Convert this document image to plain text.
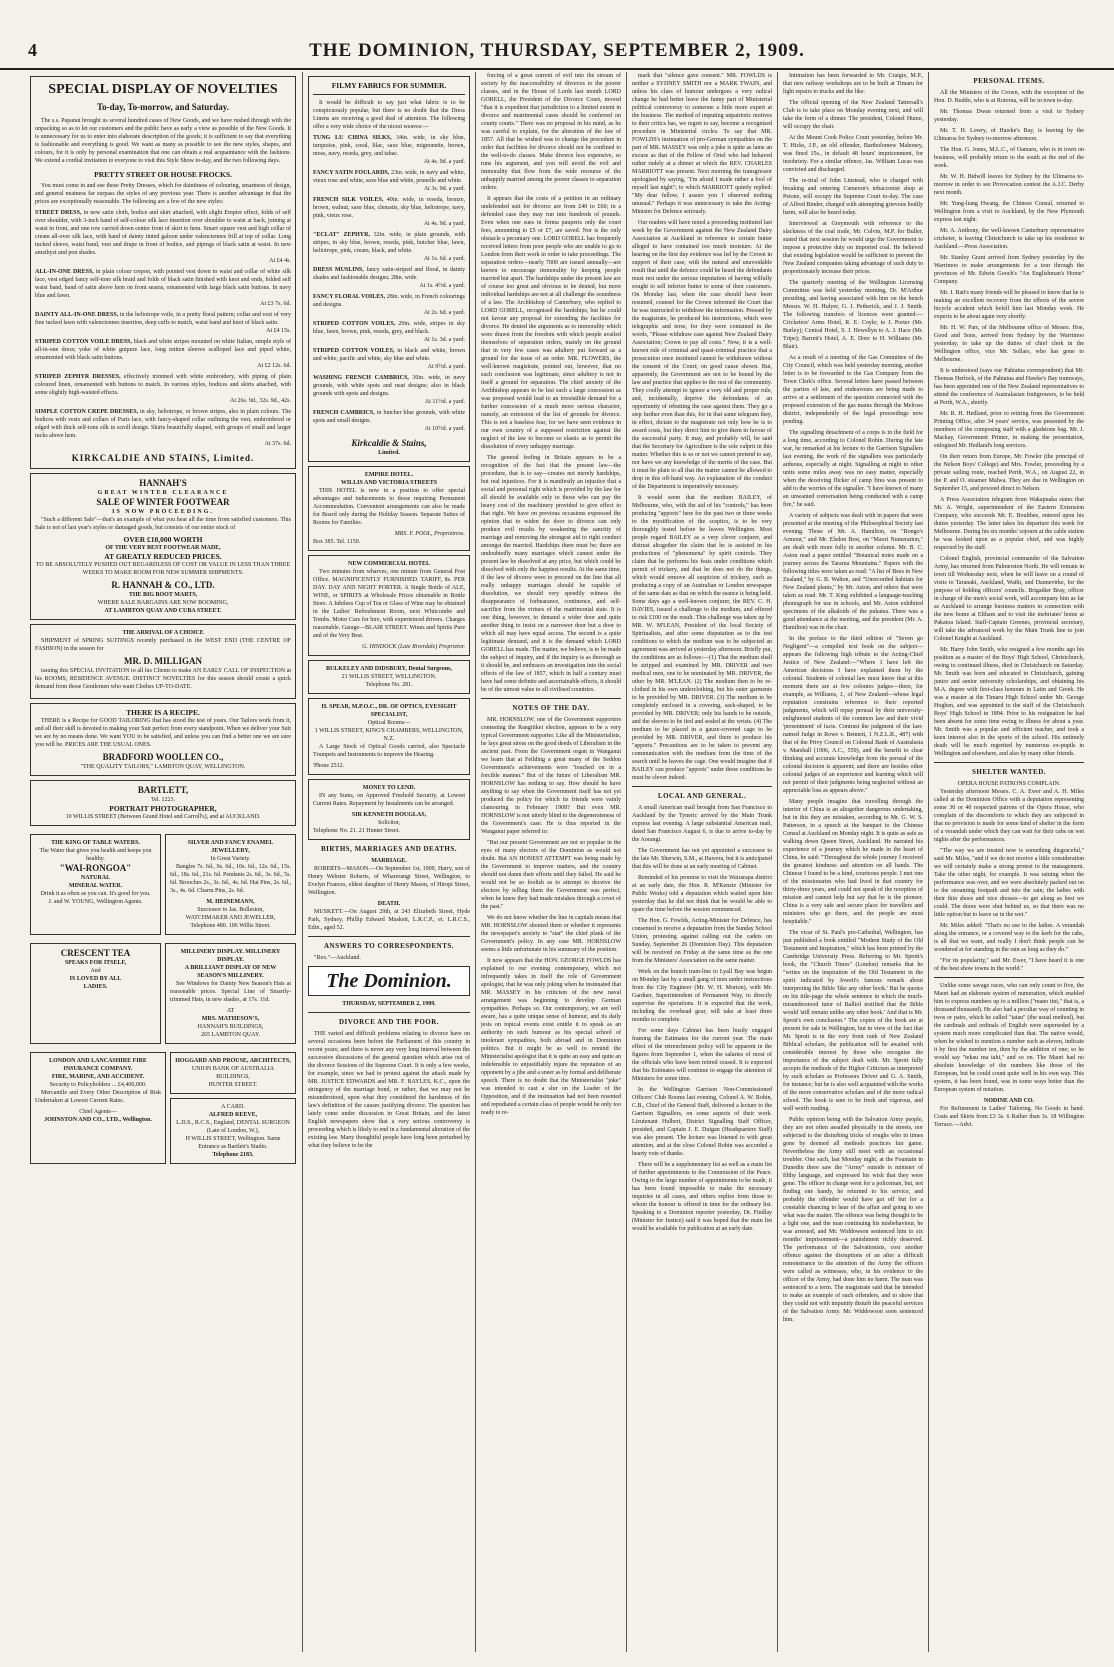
4	THE DOMINION, THURSDAY, SEPTEMBER 2, 1909.
SPECIAL DISPLAY OF NOVELTIES
To-day, To-morrow, and Saturday.

The s.s. Papanui brought us several hundred cases of New Goods, and we have rushed through with the unpacking so as to let our customers and the public have as early a view as possible of the New Goods. It is unnecessary for us to enter into elaborate description of the goods; it is sufficient to say that everything is fashionable and everything is good. We want as many as possible to see the new styles, shapes, and colours, for it is only by personal examination that one can obtain a real acquaintance with the fashions. We extend a cordial invitation to everyone to visit this Style Show to-day, and the two following days.

PRETTY STREET OR HOUSE FROCKS.

You must come in and see these Pretty Dresses, which for daintiness of colouring, smartness of design, and general neatness far surpass the styles of any previous year. There is another advantage in that the prices are exceptionally reasonable. The following are a few of the new styles:

STREET DRESS, in new satin cloth, bodice and skirt attached, with slight Empire effect, folds of self over shoulder, with 3-inch band of self-colour silk lace insertion over shoulder to waist at back, joining at waist in front, and one row carried down centre front of skirt to hem. Smart square vest and high collar of cream all-over silk lace, with band of dainty tinted galoon under valenciennes frill at top of collar. Long tucked sleeve, waist band, vest and drape in front of bodice, and pipings of black satin at waist. In new amethyst and pon shades.
At £4 4s.
ALL-IN-ONE DRESS, in plain colour crepon, with pointed vest down to waist and collar of white silk lace, vest edged fancy self-tone silk braid and folds of black satin finished with knot and ends, folded self waist band, band of satin above hem on front seams, ornamented with large black satin buttons. In navy blue and fawn.
At £3 7s. 6d.
DAINTY ALL-IN-ONE DRESS, in the heliotrope voile, in a pretty floral pattern; collar and vest of very fine tucked lawn with valenciennes insertion, deep cuffs to match, waist band and knot of black satin.
At £4 15s.
STRIPED COTTON VOILE DRESS, black and white stripes mounted on white Italian, simple style of all-in-one dress; yoke of white guipure lace, long mitten sleeves scalloped lace and piped white, ornamented with black satin buttons.
At £2 12s. 6d.
STRIPED ZEPHYR DRESSES, effectively trimmed with white embroidery, with piping of plain coloured linen, ornamented with buttons to match. In various styles, bodices and skirts attached, with some slightly high-waisted effects.
At 26s. 9d., 32s. 9d., 42s.
SIMPLE COTTON CREPE DRESSES, in sky, heliotrope, or brown stripes, also in plain colours. The bodices with vests and collars of Paris lace, with fancy-shaped collar outlining the vest, embroidered or edged with thick self-tone silk in scroll design. Skirts beautifully shaped, with groups of small and larger tucks above hem.
At 37s. 6d.
KIRKCALDIE AND STAINS, Limited.
HANNAH'S
GREAT WINTER CLEARANCE
SALE OF WINTER FOOTWEAR
IS NOW PROCEEDING.

"Such a different Sale"—that's an example of what you hear all the time from satisfied customers. This Sale is not of last year's styles or damaged goods, but consists of our entire stock of

OVER £10,000 WORTH
OF THE VERY BEST FOOTWEAR MADE,
AT GREATLY REDUCED PRICES.
TO BE ABSOLUTELY PUSHED OUT REGARDLESS OF COST OR VALUE IN LESS THAN THREE WEEKS TO MAKE ROOM FOR NEW SUMMER SHIPMENTS.
R. HANNAH & CO., LTD.
THE BIG BOOT MARTS,
WHERE SALE BARGAINS ARE NOW BOOMING,
AT LAMBTON QUAY AND CUBA STREET.
THE ARRIVAL OF A CHOICE

SHIPMENT of SPRING SUITINGS recently purchased in the WEST END (THE CENTRE OF FASHION) in the season for

MR. D. MILLIGAN

issuing this SPECIAL INVITATION to all his Clients to make AN EARLY CALL OF INSPECTION at his ROOMS, RESIDENCE AVENUE. DISTINCT NOVELTIES for this season should create a quick demand from those Gentlemen who want Clothes UP-TO-DATE.

THERE IS A RECIPE.

THERE is a Recipe for GOOD TAILORING that has stood the test of years. Our Tailors work from it, and all their skill is devoted to making your Suit perfect from every standpoint. When we deliver your Suit we are by no means done. We want YOU to be satisfied, and unless you can find a better one we are sure you will be. PRICES ARE THE USUAL ONES.

BRADFORD WOOLLEN CO.,
"THE QUALITY TAILORS," LAMBTON QUAY, WELLINGTON.
BARTLETT,
Tel. 1223.
PORTRAIT PHOTOGRAPHER,
10 WILLIS STREET (Between Grand Hotel and Carroll's), and at AUCKLAND.
THE KING OF TABLE WATERS.
The Water that gives you health and keeps you healthy.
"WAI-RONGOA"
NATURAL
MINERAL WATER.
Drink it as often as you can. It's good for you.
J. and W. YOUNG, Wellington Agents.
SILVER AND FANCY ENAMEL JEWELLERY,
In Great Variety.

Bangles 7s. 6d., 9s. 6d., 10s. 6d., 12s. 6d., 15s. 6d., 18s. 6d., 21s. 6d. Pendants 2s. 6d., 3s. 6d., 5s. 6d. Brooches 2s., 3s. 6d., 4s. 6d. Hat Pins, 2s. 6d., 3s., 4s. 6d. Charm Pins, 2s. 6d.

M. HEINEMANN,
Successor to Jas. Bolleston,
WATCHMAKER AND JEWELLER,
Telephone 480. 106 Willis Street.
CRESCENT TEA
SPEAKS FOR ITSELF,
And
IS LOVED BY ALL
LADIES.
MILLINERY DISPLAY. MILLINERY DISPLAY.
A BRILLIANT DISPLAY OF NEW SEASON'S MILLINERY.

See Windows for Dainty New Season's Hats at reasonable prices. Special Line of Smartly-trimmed Hats, in new shades, at 17s. 11d.

AT
MRS. MATHESON'S,
HANNAH'S BUILDINGS,
265 LAMBTON QUAY.
LONDON AND LANCASHIRE FIRE INSURANCE COMPANY.
FIRE, MARINE, AND ACCIDENT.
Security to Policyholders ... £4,400,000.

Mercantile and Every Other Description of Risk Undertaken at Lowest Current Rates.

Chief Agents—
JOHNSTON AND CO., LTD., Wellington.
HOGGARD AND PROUSE, ARCHITECTS,
UNION BANK OF AUSTRALIA BUILDINGS,
HUNTER STREET.
A CARD.
ALFRED REEVE,
L.D.S., R.C.S., England, DENTAL SURGEON (Late of London, W.),
H WILLIS STREET, Wellington. Same Entrance as Bartlett's Studio.
Telephone 2183.
FILMY FABRICS FOR SUMMER.

It would be difficult to say just what fabric is to be conspicuously popular, but there is no doubt that the Dress Linens are receiving a good deal of attention. The following offer a very wide choice of the nicest weaves:—

TUNG LU CHINA SILKS, 34in. wide, in sky blue, turquoise, pink, coral, lilac, saxe blue, mignonette, brown, moss, navy, reseda, grey, and tabac.
At 4s. 9d. a yard.
FANCY SATIN FOULARDS, 23in. wide, in navy and white, vieux rose and white, saxe blue and white, prunelle and white.
At 3s. 9d. a yard.
FRENCH SILK VOILES, 40in. wide, in reseda, bronze, brown, walnut, saxe blue, clematis, sky blue, heliotrope, navy, pink, vieux rose.
At 4s. 9d. a yard.
"ECLAT" ZEPHYR, 32in. wide, in plain grounds, with stripes, in sky blue, brown, reseda, pink, butcher blue, fawn, heliotrope, pink, cream, black, and white.
At 1s. 6d. a yard.
DRESS MUSLINS, fancy satin-striped and floral, in dainty shades and fashionable designs; 28in. wide.
At 1s. 4½d. a yard.
FANCY FLORAL VOILES, 28in. wide, in French colourings and designs.
At 2s. 6d. a yard.
STRIPED COTTON VOILES, 29in. wide, stripes in sky blue, fawn, brown, pink, reseda, grey, and black.
At 1s. 3d. a yard.
STRIPED COTTON VOILES, in black and white, brown and white, pacific and white, sky blue and white.
At 9½d. a yard.
WASHING FRENCH CAMBRICS, 30in. wide, in navy grounds, with white spots and neat designs; also in black grounds with spots and designs.
At 11½d. a yard.
FRENCH CAMBRICS, in butcher blue grounds, with white spots and small designs.
At 10½d. a yard.
Kirkcaldie & Stains,
Limited.
EMPIRE HOTEL.
WILLIS AND VICTORIA STREETS

THIS HOTEL is now in a position to offer special advantages and inducements to those requiring Permanent Accommodation. Convenient arrangements can also be made for Board only during the Holiday Season. Separate Suites of Rooms for Families.

MRS. F. POOL, Proprietress.
Box 385. Tel. 1150.
NEW COMMERCIAL HOTEL

Two minutes from wharves, one minute from General Post Office. MAGNIFICENTLY FURNISHED. TARIFF, 8s. PER DAY. DAY AND NIGHT PORTER. A Single Bottle of ALE, WINE, or SPIRITS at Wholesale Prices obtainable in Bottle Store. A Jubilees Cup of Tea or Glass of Wine may be obtained in the Ladies' Refreshment Room, next Whitcombe and Tombs. Motor Cars for hire, with experienced drivers. Charges reasonable. Garage—BLAIR STREET. Wines and Spirits Pure and of the Very Best.

G. HINDOCK (Late Riverdale) Proprietor.
BULKELEY AND DIDSBURY, Dental Surgeons,
21 WILLIS STREET, WELLINGTON.
Telephone No. 281.
H. SPEAR, M.P.O.C., DR. OF OPTICS, EYESIGHT SPECIALIST,
Optical Rooms—
1 WILLIS STREET, KING'S CHAMBERS, WELLINGTON, N.Z.

A Large Stock of Optical Goods carried, also Spectacle Trumpets and Instruments to improve the Hearing.

'Phone 2512.
MONEY TO LEND.

IN any Sums, on Approved Freehold Security, at Lowest Current Rates. Repayment by Instalments can be arranged.

SIR KENNETH DOUGLAS,
Solicitor,
Telephone No. 21. 21 Hunter Street.
BIRTHS, MARRIAGES AND DEATHS.
MARRIAGE.

ROBERTS—MASON.—On September 1st, 1909, Harry, son of Henry Webster Roberts, of Wharerangi Street, Wellington, to Evelyn Frances, eldest daughter of Henry Mason, of Hiropi Street, Wellington.

DEATH.

MUSKETT.—On August 29th, at 243 Elizabeth Street, Hyde Park, Sydney, Phillip Edward Muskett, L.R.C.P., et. L.R.C.S., Edin., aged 52.

ANSWERS TO CORRESPONDENTS.

"Rex."—Auckland.

The Dominion.
THURSDAY, SEPTEMBER 2, 1909.
DIVORCE AND THE POOR.

THE varied and difficult problems relating to divorce have on several occasions been before the Parliament of this country in recent years; and there is never any very long interval between the successive discussions of the general question which arise out of the divorce Sessions of the Supreme Court. It is only a few weeks, for example, since we had to protest against the attack made by MR. JUSTICE EDWARDS and MR. F. BAYLES, K.C., upon the stringency of the marriage bond, or rather, that we may not be misunderstood, upon what they considered the harshness of the law's definition of the causes justifying divorce. The question has lately come under discussion in Great Britain, and the latest English newspapers show that a very serious controversy is proceeding which is likely to end in a fundamental alteration of the existing law. Many thoughtful people have long been perturbed by what they believe to be the

forcing of a great current of evil into the stream of society by the inaccessibility of divorces to the poorer classes, and in the House of Lords last month LORD GORELL, the President of the Divorce Court, moved "that it is expedient that jurisdiction to a limited extent in divorce and matrimonial cases should be conferred on county courts." There was no proposal in his mind, as he was careful to explain, for the alteration of the law of 1857. All that he wished was to change the procedure in order that facilities for divorce should not be confined to the well-to-do classes. Make divorce less expensive, so runs his argument, and you will avoid the evil and immorality that flow from the wide recourse of the unhappily married among the poorer classes to separation orders.

It appears that the costs of a petition in an ordinary undefended suit for divorce are from £40 to £60; in a defended case they may run into hundreds of pounds. Even when one sues in forma pauperis only the court fees, amounting to £5 or £7, are saved. Nor is the only obstacle a pecuniary one. LORD GORELL has frequently received letters from poor people who are unable to go to London from their work in order to take proceedings. The separation orders—nearly 7000 are issued annually—are known to encourage immorality by keeping people married but apart. The hardships under the present law are of course too great and obvious to be denied, but more individual hardships are not at all challenge the soundness of a law. The Archbishop of Canterbury, who replied to LORD GORELL, recognised the hardships, but he could not favour any proposal for extending the facilities for divorce. He denied the arguments as to immorality which were drawn from the freedom with which people availed themselves of separation orders, mainly on the ground that in very few cases was adultery put forward as a ground for the issue of an order. MR. FLOWERS, the well-known magistrate, pointed out, however, that no such conclusion was legitimate, since adultery is not in itself a ground for separation. The chief anxiety of the Archbishop appears to be lest such a large concession as was proposed would lead to an irresistible demand for a further concession of a much more serious character, namely, an extension of the list of grounds for divorce. This is not a baseless fear, for we have seen evidence in our own country of a supposed restriction against the neglect of the law to become so elastic as to permit the dissolution of every unhappy marriage.

The general feeling in Britain appears to be a recognition of the fact that the present law—the procedure, that is to say—creates not merely hardships, but real injustices. For it is manifestly an injustice that a social and personal right which is provided by the law for all should be available only to those who can pay the heavy cost of the machinery provided to give effect to that right. We have on previous occasions expressed the opinion that to widen the door to divorce can only produce evil results by weakening the sanctity of marriage and removing the strongest aid to right conduct amongst the married. Hardships there must be; there are undoubtedly many marriages which cannot under the present law be dissolved at any price, but which could be dissolved with only the happiest results. At the same time, if the law of divorce were to proceed on the line that all really unhappy marriages should be capable of dissolution, we should very speedily witness the disappearance of forbearance, continence, and self-sacrifice from the virtues of the matrimonial state. It is one thing, however, to demand a wider door and quite another thing to insist on a narrower door but a door to which all may have equal access. The second is a quite legitimate demand, and it is the demand which LORD GORELL has made. The matter, we believe, is to be made the subject of inquiry, and if the inquiry is as thorough as it should be, and embraces an investigation into the social effects of the law of 1857, which in half a century must have had some definite and ascertainable effects, it should be of the utmost value to all civilised countries.

NOTES OF THE DAY.

MR. HORNSLOW, one of the Government supporters contesting the Rangitikei election, appears to be a very typical Government supporter. Like all the Ministerialists, he lays great stress on the good deeds of Liberalism in the ancient past. From the Government organ in Wanganui we learn that at Feilding a great many of the Seddon Government's achievements were "touched on in a forcible manner." But of the future of Liberalism MR. HORNSLOW has nothing to say. How should he have anything to say when the Government itself has not yet produced the policy for which its friends were vainly clamouring in February 1908? But even MR. HORNSLOW is not utterly blind to the degenerateness of the Government's case. He is thus reported in the Wanganui paper referred to:

"But our present Government are not so popular in the eyes of many electors of the Dominion as would not doubt. But AN HONEST ATTEMPT was being made by the Government to improve matters, and the country should not damn their efforts until they failed. He said he would not be so foolish as to attempt to deceive the electors by telling them the Government was perfect, when he knew they had made mistakes through a covet of the past."

We do not know whether the line in capitals means that MR. HORNSLOW shouted them or whether it represents the newspaper's anxiety to "star" the chief plank of the Government's policy. In any case MR. HORNSLOW seems a little unfortunate in his summary of the position.

It now appears that the HON. GEORGE FOWLDS has explained to our evening contemporary, which not infrequently takes in itself the role of Government apologist, that he was only joking when he insinuated that MR. MASSEY in his criticism of the new naval arrangement was beginning to develop German sympathies. Perhaps so. Our contemporary, we are well aware, has a quite unique sense of humour, and its daily jests on topical events exist entitle it to speak as an authority on such humour as his special school of intolerant sympathies, both abroad and in Dominion politics. But it might be as well to remind the Ministerialist apologist that it is quite an easy and quite an indefensible to unjustifiably injure the reputation of an opponent by a jibe and a sneer as by formal and deliberate speech. There is no doubt that the Ministerialist "joke" was intended to cast a slur on the Leader of the Opposition, and if the insinuation had not been resented and repudiated a certain class of people would be only too ready to re-

mark that "silence gave consent." MR. FOWLDS is neither a SYDNEY SMITH nor a MARK TWAIN, and unless his class of humour undergoes a very radical change he had better leave the funny part of Ministerial political controversy to someone a little more expert at the business. The method of imputing unpatriotic motives to their critics has, we regret to say, become a recognised procedure in Ministerial circles. To say that MR. FOWLDS's insinuation of pro-German sympathies on the part of MR. MASSEY was only a joke is quite as lame an excuse as that of the Fellow of Oriel who had behaved rather rudely at a dinner at which the REV. CHARLES MARRIOTT was present. Next morning the transgressor apologised by saying, "I'm afraid I made rather a fool of myself last night"; to which MARRIOTT quietly replied: "My dear fellow, I assure you I observed nothing unusual." Perhaps it was unnecessary to take the Acting-Minister for Defence seriously.

Our readers will have noted a proceeding instituted last week by the Government against the New Zealand Dairy Association at Auckland in reference to certain butter alleged to have contained too much moisture. At the hearing on the first day evidence was led by the Crown in support of their case, with the natural and unavoidable result that until the defence could be heard the defendants must rest under the serious imputation of having wilfully sought to sell inferior butter to some of their customers. On Monday last, when the case should have been resumed, counsel for the Crown informed the Court that he was instructed to withdraw the information. Pressed by the magistrate, he produced his instructions, which were telegraphic and terse, for they were contained in the words, "Please withdraw case against New Zealand Dairy Association; Crown to pay all costs." Now, it is a well-known rule of criminal and quasi-criminal practice that a prosecution once instituted cannot be withdrawn without the consent of the Court; on good cause shown. But, apparently, the Government are not to be bound by the law and practice that applies to the rest of the community. They coolly attempt to ignore a very old and proper rule, and, incidentally, deprive the defendants of an opportunity of rebutting the case against them. They go a step further even than this, for in that same telegram they, in effect, dictate to the magistrate not only how he is to award costs, but they direct him to give them in favour of the successful party. It may, and probably will, be said that the Secretary for Agriculture is the sole culprit in this matter. Whether this is so or not we cannot pretend to say, nor have we any knowledge of the merits of the case. But it must be plain to all that the matter cannot be allowed to drop in this off-hand way. An explanation of the conduct of the Department is imperatively necessary.

It would seem that the medium BAILEY, of Melbourne, who, with the aid of his "controls," has been producing "apports" here for the past two or three weeks to the mystification of the sceptics, is to be very thoroughly tested before he leaves Wellington. Most people regard BAILEY as a very clever conjurer, and distrust altogether the claim that he is assisted in his productions of "phenomena" by spirit controls. They claim that he performs his feats under conditions which permit of trickery, and that he does not do the things, which would remove all suspicion of trickery, such as producing a copy of an Australian or London newspaper of the same date as that on which the seance is being held. Some days ago a well-known conjurer, the REV. C. H. DAVIES, issued a challenge to the medium, and offered to risk £100 on the result. This challenge was taken up by MR. W. M'LEAN, President of the local Society of Spiritualists, and after some disputation as to the test conditions to which the medium was to be subjected an agreement was arrived at yesterday afternoon. Briefly put, the conditions are as follows:—(1) That the medium shall be stripped and examined by MR. DRIVER and two medical men, one to be nominated by MR. DRIVER, the other by MR. M'LEAN. (2) The medium then to be re-clothed in his own underclothing, but his outer garments to be provided by MR. DRIVER. (3) The medium to be completely enclosed in a covering, sack-shaped, to be provided by MR. DRIVER; only his hands to be outside, and the sleeves to be tied and sealed at the wrists. (4) The medium to be placed in a gauze-covered cage to be provided by MR. DRIVER, and there to produce his "apports." Precautions are to be taken to prevent any communication with the medium from the time of the search until he leaves the cage. One would imagine that if BAILEY can produce "apports" under these conditions he must be clever indeed.

LOCAL AND GENERAL.

A small American mail brought from San Francisco to Auckland by the Tyneric arrived by the Main Trunk express last evening. A large substantial American mail, dated San Francisco August 6, is due to arrive to-day by the Aorangi.

The Government has not yet appointed a successor to the late Mr. Sherwin, S.M., at Hawera, but it is anticipated that this will be done at an early meeting of Cabinet.

Reminded of his promise to visit the Wairarapa district at an early date, the Hon. R. M'Kenzie (Minister for Public Works) told a deputation which waited upon him yesterday that he did not think that he would be able to spare the time before the session commenced.

The Hon. G. Fowlds, Acting-Minister for Defence, has consented to receive a deputation from the Sunday School Union, protesting against calling out the cadets on Sunday, September 26 (Dominion Day). This deputation will be received on Friday at the same time as the one from the Ministers' Association on the same matter.

Work on the branch tram-line to Lyall Bay was begun on Monday last by a small gang of men under instructions from the City Engineer (Mr. W. H. Morton), with Mr. Gardner, Superintendent of Permanent Way, to directly supervise the operations. It is expected that the work, including the overhead gear, will take at least three months to complete.

For some days Cabinet has been busily engaged framing the Estimates for the current year. The main effect of the retrenchment policy will be apparent in the figures from September 1, when the salaries of most of the officials who have been retired ceased. It is expected that his Estimates will continue to engage the attention of Ministers for some time.

In the Wellington Garrison Non-Commissioned Officers' Club Rooms last evening, Colonel A. W. Robin, C.B., Chief of the General Staff, delivered a lecture to the Garrison Signallers, on some aspects of their work. Lieutenant Hulbert, District Signalling Staff Officer, presided, and Captain J. E. Duigan (Headquarters Staff) was also present. The lecture was listened to with great attention, and at the close Colonel Robin was accorded a hearty vote of thanks.

There will be a supplementary list as well as a main list of further appointments to the Commission of the Peace. Owing to the large number of appointments to be made, it has been found impossible to make the necessary inquiries in all cases, and others replies from those to whom the honour is offered in time for the ordinary list. Speaking to a Dominion reporter yesterday, Dr. Findlay (Minister for Justice) said it was hoped that the main list would be available for publication at an early date.

Intimation has been forwarded to Mr. Craigie, M.P., that new railway workshops are to be built at Timaru for light repairs to trucks and the like.

The official opening of the New Zealand Tattersall's Club is to take place on Monday evening next, and will take the form of a dinner. The president, Colonel Hume, will occupy the chair.

At the Mount Cook Police Court yesterday, before Mr. T. Hicks, J.P., an old offender, Bartholomew Mahoney, was fined 15s., in default 48 hours' imprisonment, for insobriety. For a similar offence, Jas. William Lucas was convicted and discharged.

The re-trial of John Linstead, who is charged with breaking and entering Cameron's tobacconist shop at Petone, will occupy the Supreme Court to-day. The case of Alfred Binder, charged with attempting grievous bodily harm, will also be heard today.

Interviewed at Greymouth with reference to the slackness of the coal trade, Mr. Colvin, M.P. for Buller, stated that next session he would urge the Government to impose a protective duty on imported coal. He believed that existing legislation would be sufficient to prevent the New Zealand companies taking advantage of such duty to proportionately increase their prices.

The quarterly meeting of the Wellington Licensing Committee was held yesterday morning, Dr. M'Arthur presiding, and having associated with him on the bench Messrs. W. H. Hulyer, G. J. Petherick, and J. J. Smith. The following transfers of licences were granted:—Cricketers' Arms Hotel, R. E. Coyle; to J. Porter (Mr. Burley); Central Hotel, S. J. Hewellyn to A. J. Hace (Mr. Tripe); Barrett's Hotel, A. E. Dore to H. Williams (Mr. Blair).

As a result of a meeting of the Gas Committee of the City Council, which was held yesterday morning, another letter is to be forwarded to the Gas Company from the Town Clerk's office. Several letters have passed between the parties of late, and endeavours are being made to arrive at a settlement of the question connected with the proposed extension of the gas mains through the Melrose district, independently of the legal proceedings now pending.

The signalling detachment of a corps is in the field for a long time, according to Colonel Robin. During the late war, he remarked at his lecture to the Garrison Signallers last evening, the work of the signallers was particularly arduous, especially at night. Signalling at night to other units some miles away was no easy matter, especially when the deceiving flicker of camp fires was present to add to the worries of the signaller. "I have known of many an unwanted conversation being conducted with a camp fire," he said.

A variety of subjects was dealt with in papers that were presented at the meeting of the Philosophical Society last evening. Those of Mr. A. Hamilton, on "Rongo's Armour," and Mr. Elsdon Best, on "Maori Numeration," are dealt with more fully in another column. Mr. B. C. Aston read a paper entitled "Botanical notes made on a journey across the Tararua Mountains." Papers with the following titles were taken as read: "A list of Bees in New Zealand," by G. B. Walton, and "Unrecorded habitats for New Zealand plants," by Mr. Aston, and others that were taken as read. Mr. T. King exhibited a language-teaching phonograph for use in schools, and Mr. Aston exhibited specimens of the alkaloids of the pukatea. There was a good attendance at the meeting, and the president (Mr. A. Hamilton) was in the chair.

In the preface to the third edition of "Seven go Negligent"—a compiled text book on the subject—appears the following high tribute to the Acting-Chief Justice of New Zealand:—"Where I have left the American decisions I have explained them by the colonial. Students of colonial law must know that at this moment there are at few colonies judges—there, for example, as Williams, J., of New Zealand—whose legal reputation constrains reference to their reported judgments, which will repay perusal by their university-enlightened students of the common law and their vivid 'presentment' of facts. Contrast the judgment of the last-named Judge in Rowe v. Bennett, 1 N.Z.L.R., 487) with that of the Privy Council on Colonial Bank of Australasia v. Marshall (1906, A.C., 559), and the benefit to clear thinking and accurate knowledge from the perusal of the colonial decision is apparent; and there are besides other colonial judges of an experience and learning which will not permit of their judgments being neglected without an appreciable loss as appears above."

Many people imagine that travelling through the interior of China is an altogether dangerous undertaking, but in this they are mistaken, according to Mr. G. W. S. Patterson, in a speech at the banquet to the Chinese Consul at Auckland on Monday night. It is quite as safe as walking down Queen Street, Auckland. He narrated his experience of a journey which he made in the heart of China, he said: "Throughout the whole journey I received the greatest kindness and attention on all hands. The Chinese I found to be a kind, courteous people. I met one of the missionaries who had lived in that country for thirty-three years, and could not speak of the reception of mission and cannot help but say that he is the pioneer. China is a very safe and secure place for travellers and ministers who go there, and the people are most hospitable."

The vicar of St. Paul's pro-Cathedral, Wellington, has just published a book entitled "Modern Study of the Old Testament and Inspiration," which has been printed by the Cambridge University Press. Referring to Mr. Sprott's book, the "Church Times" (London) remarks that he "writes on the inspiration of the Old Testament in the spirit indicated by Jowett's famous remark about interpreting the Bible 'like any other book.' But he quotes on his title-page the whole sentence in which the much-misunderstood tutor of Balliol testified that the Bible would 'still remain unlike any other book.' And that is Mr. Sprott's own conclusion." The copies of the book are at present for sale in Wellington, but in view of the fact that Mr. Sprott is in the very front rank of New Zealand Biblical scholars, the publication will be awaited with considerable interest by those who recognise the importance of the subject dealt with. Mr. Sprott fully accepts the methods of the Higher Criticism as interpreted by such scholars as Professors Driver and G. A. Smith, for instance; but he is also well acquainted with the works of the more conservative scholars and of the more radical school. The book is sure to be fresh and vigorous, and well worth reading.

Public opinion being with the Salvation Army people, they are not often assailed physically in the streets, nor subjected to the disturbing tricks of roughs who in times gone by deemed all methods practices fair game. Nevertheless the Army still meet with an occasional troubler. One such, last Monday night, at the Fountain in Dunedin there saw the "Army" outside is minister of filthy language, and expressed his wish that they were gone. The officer in charge went for a policeman, but, not finding one handy, he returned to his service, and probably the offender would have got off but for a constable chancing to hear of the affair and going to see what was the matter. The offence was being thought to be a light one, and the man continuing his misbehaviour, he was arrested, and Mr. Widdowson sentenced him to six months' imprisonment—a punishment richly deserved. The performance of the Salvationists, cost another offence against the disruptions of an after a difficult remonstrance to the attention of the Army the officers were called as witnesses, who, in his evidence to the officer of the Army, had done him no harm. The man was sentenced to a term. The magistrate said that he intended to make an example of such offenders, and to show that they could not with impunity disturb the peaceful services of the Salvation Army. Mr. Widdowson soon sentenced him.

PERSONAL ITEMS.

All the Ministers of the Crown, with the exception of the Hon. D. Buddo, who is at Rotorua, will be in town to-day.

Mr. Thomas Dwan returned from a visit to Sydney yesterday.

Mr. T. H. Lowry, of Hawke's Bay, is leaving by the Ulimaroa for Sydney to-morrow afternoon.

The Hon. G. Jones, M.L.C., of Oamaru, who is in town on business, will probably return to the south at the end of the week.

Mr. W. H. Bidwill leaves for Sydney by the Ulimaroa to-morrow in order to see Provocation contest the A.J.C. Derby next month.

Mr. Yung-liang Hwang, the Chinese Consul, returned to Wellington from a visit to Auckland, by the New Plymouth express last night.

Mr. A. Anthony, the well-known Canterbury representative cricketer, is leaving Christchurch to take up his residence in Auckland.—Press Association.

Mr. Stanley Grant arrived from Sydney yesterday by the Warrimoo to make arrangements for a tour through the provinces of Mr. Edwin Gooch's "An Englishman's Home" Company.

Mr. J. Batt's many friends will be pleased to know that he is making an excellent recovery from the effects of the severe bicycle accident which befell him last Monday week. He expects to be about again very shortly.

Mr. H. W. Parr, of the Melbourne office of Messrs. Hoe, Good and Sons, arrived from Sydney by the Warrimoo yesterday, to take up the duties of chief clerk in the Wellington office, vice Mr. Sollars, who has gone to Melbourne.

It is understood (says our Pahiatua correspondent) that Mr. Thomas Herlock, of the Pahiatua and Hawke's Bay tramways, has been appointed one of the New Zealand representatives to attend the conference of Australasian fruitgrowers, to be held at Perth, W.A., shortly.

Mr. R. H. Hedland, prior to retiring from the Government Printing Office, after 34 years' service, was presented by the members of the composing staff with a gladstone bag. Mr. J. Mackay, Government Printer, in making the presentation, eulogised Mr. Hedland's long services.

On their return from Europe, Mr. Fowler (the principal of the Nelson Boys' College) and Mrs. Fowler, proceeding by a private sailing route, reached Perth, W.A., on August 22, in the P. and O. steamer Malwa. They are due in Wellington on September 15, and proceed direct to Nelson.

A Press Association telegram from Wakapuaka states that Mr. A. Wright, superintendent of the Eastern Extension Company, who succeeds Mr. E. Boultbee, entered upon his duties yesterday. The latter takes his departure this week for Melbourne. During his six months' sojourn at the cable station he was looked upon as a popular chief, and was highly respected by the staff.

Colonel English, provincial commander of the Salvation Army, has returned from Palmerston North. He will remain in town till Wednesday next, when he will leave on a round of visits to Taranaki, Auckland, Waihi, and Dannevirke, for the purpose of holding officers' councils. Brigadier Bray, officer in charge of the men's social work, will accompany him as far as Auckland to arrange business matters in connection with the new home at Eltham and to visit the inebriates' home at Pakatoa Island. Staff-Captain Greenes, provincial secretary, will take the advanced work by the Main Trunk line to join Colonel Knight at Auckland.

Mr. Harry John Smith, who resigned a few months ago his position as a master of the Boys' High School, Christchurch, owing to continued illness, died in Christchurch on Saturday. Mr. Smith was born and educated in Christchurch, gaining junior and senior university scholarships, and obtaining his M.A. degree with first-class honours in Latin and Greek. He was a master at the Timaru High School under Mr. George Hogben, and was appointed to the staff of the Christchurch Boys' High School in 1894. Prior to his resignation he had been absent for some time owing to illness for about a year. Mr. Smith was a popular and efficient teacher, and took a keen interest also in the sports of the school. His untimely death will be much regretted by numerous ex-pupils in Wellington and elsewhere, and also by many other friends.

SHELTER WANTED.
OPERA HOUSE PATRONS COMPLAIN.

Yesterday afternoon Messrs. C. A. Ewer and A. H. Miles called at the Dominion Office with a deputation representing some 30 or 40 respected patrons of the Opera House, who complain of the discomforts to which they are subjected in that no provision is made for some kind of shelter in the form of a verandah under which they can wait for their cabs on wet nights after the performances.

"The way we are treated now is something disgraceful," said Mr. Miles, "and if we do not receive a little consideration we will certainly make a strong protest to the management. Take the other night, for example. It was raining when the performance was over, and we were absolutely packed out on to the streaming footpath and into the rain; the ladies with their thin shoes and nice dresses—to get along as best we could. The doors were shut behind us, so that there was no little option but to leave us in the wet."

Mr. Miles added: "That's no use to the ladies. A verandah along the entrance, or a covered way to the kerb for the cabs, is all that we want, and really I don't think people can be wondered at for standing in the rain as long as they do."

"For its popularity," said Mr. Ewer, "I have heard it is one of the best show towns in the world."

Unlike some savage races, who can only count to five, the Maori had an elaborate system of numeration, which enabled him to express numbers up to a million ("mano tini," that is, a thousand thousand). He also had a peculiar way of counting in twos or pairs, which he called "tatau" (the usual method), but the cardinals and ordinals of English were superseded by a system much more complicated than that. The native would, when he wished to mention a number such as eleven, indicate it by first the number ten, then by the addition of one; so he would say "tekau ma tahi," and so on. The Maori had no absolute knowledge of the numbers like those of the European, but he could count quite well in his own way. This system, it has been found, was in some ways better than the European system of notation.

NODINE AND CO.

For Refinement in Ladies' Tailoring. No Goods in hand. Coats and Skirts from £3 3s. 6 Rather than 3s. 18 Willington Terrace.—Advt.
